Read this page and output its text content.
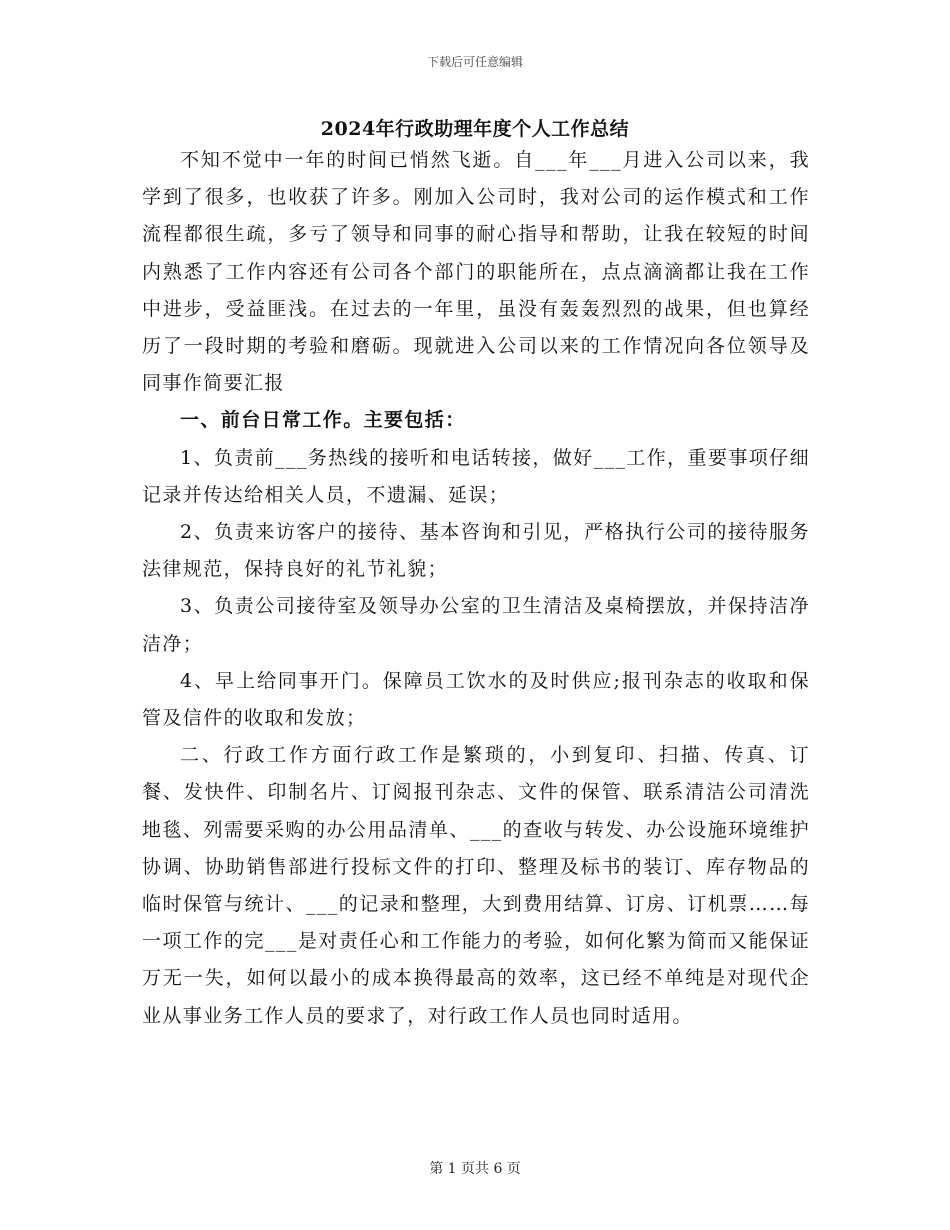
下载后可任意编辑
2024年行政助理年度个人工作总结

不知不觉中一年的时间已悄然飞逝。自___年___月进入公司以来，我学到了很多，也收获了许多。刚加入公司时，我对公司的运作模式和工作流程都很生疏，多亏了领导和同事的耐心指导和帮助，让我在较短的时间内熟悉了工作内容还有公司各个部门的职能所在，点点滴滴都让我在工作中进步，受益匪浅。在过去的一年里，虽没有轰轰烈烈的战果，但也算经历了一段时期的考验和磨砺。现就进入公司以来的工作情况向各位领导及同事作简要汇报

一、前台日常工作。主要包括：

1、负责前___务热线的接听和电话转接，做好___工作，重要事项仔细记录并传达给相关人员，不遗漏、延误；

2、负责来访客户的接待、基本咨询和引见，严格执行公司的接待服务法律规范，保持良好的礼节礼貌；

3、负责公司接待室及领导办公室的卫生清洁及桌椅摆放，并保持洁净洁净；

4、早上给同事开门。保障员工饮水的及时供应;报刊杂志的收取和保管及信件的收取和发放；

二、行政工作方面行政工作是繁琐的，小到复印、扫描、传真、订餐、发快件、印制名片、订阅报刊杂志、文件的保管、联系清洁公司清洗地毯、列需要采购的办公用品清单、___的查收与转发、办公设施环境维护协调、协助销售部进行投标文件的打印、整理及标书的装订、库存物品的临时保管与统计、___的记录和整理，大到费用结算、订房、订机票……每一项工作的完___是对责任心和工作能力的考验，如何化繁为简而又能保证万无一失，如何以最小的成本换得最高的效率，这已经不单纯是对现代企业从事业务工作人员的要求了，对行政工作人员也同时适用。

第 1 页共 6 页
